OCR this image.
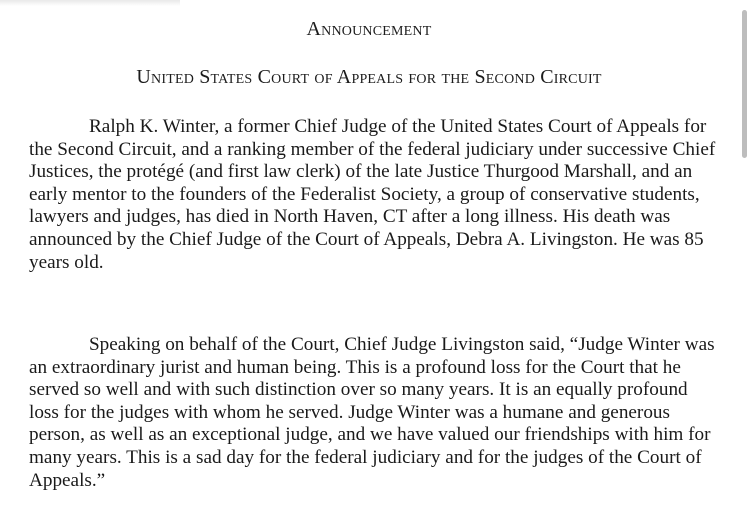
Announcement
United States Court of Appeals for the Second Circuit

Ralph K. Winter, a former Chief Judge of the United States Court of Appeals for the Second Circuit, and a ranking member of the federal judiciary under successive Chief Justices, the protégé (and first law clerk) of the late Justice Thurgood Marshall, and an early mentor to the founders of the Federalist Society, a group of conservative students, lawyers and judges, has died in North Haven, CT after a long illness. His death was announced by the Chief Judge of the Court of Appeals, Debra A. Livingston. He was 85 years old.

Speaking on behalf of the Court, Chief Judge Livingston said, “Judge Winter was an extraordinary jurist and human being. This is a profound loss for the Court that he served so well and with such distinction over so many years. It is an equally profound loss for the judges with whom he served. Judge Winter was a humane and generous person, as well as an exceptional judge, and we have valued our friendships with him for many years. This is a sad day for the federal judiciary and for the judges of the Court of Appeals.”
